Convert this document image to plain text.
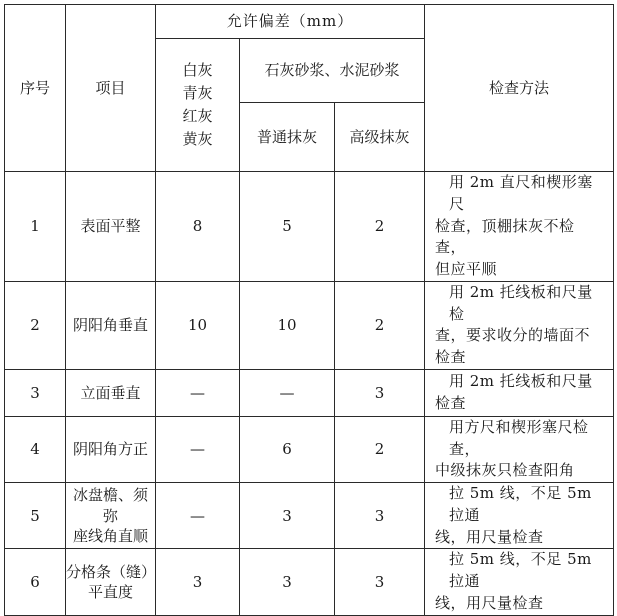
序号	项目	允许偏差（mm）			检查方法

		白灰
青灰
红灰
黄灰	石灰砂浆、水泥砂浆		
			普通抹灰	高级抹灰	
1	表面平整	8	5	2	用 2m 直尺和楔形塞尺
检查，顶棚抹灰不检查，
但应平顺

2	阴阳角垂直	10	10	2	用 2m 托线板和尺量检
查，要求收分的墙面不
检查

3	立面垂直	—	—	3	用 2m 托线板和尺量
检查

4	阴阳角方正	—	6	2	用方尺和楔形塞尺检查，
中级抹灰只检查阳角

5	冰盘檐、须弥
座线角直顺	—	3	3	拉 5m 线，不足 5m 拉通
线，用尺量检查

6	分格条（缝）
平直度	3	3	3	拉 5m 线，不足 5m 拉通
线，用尺量检查
